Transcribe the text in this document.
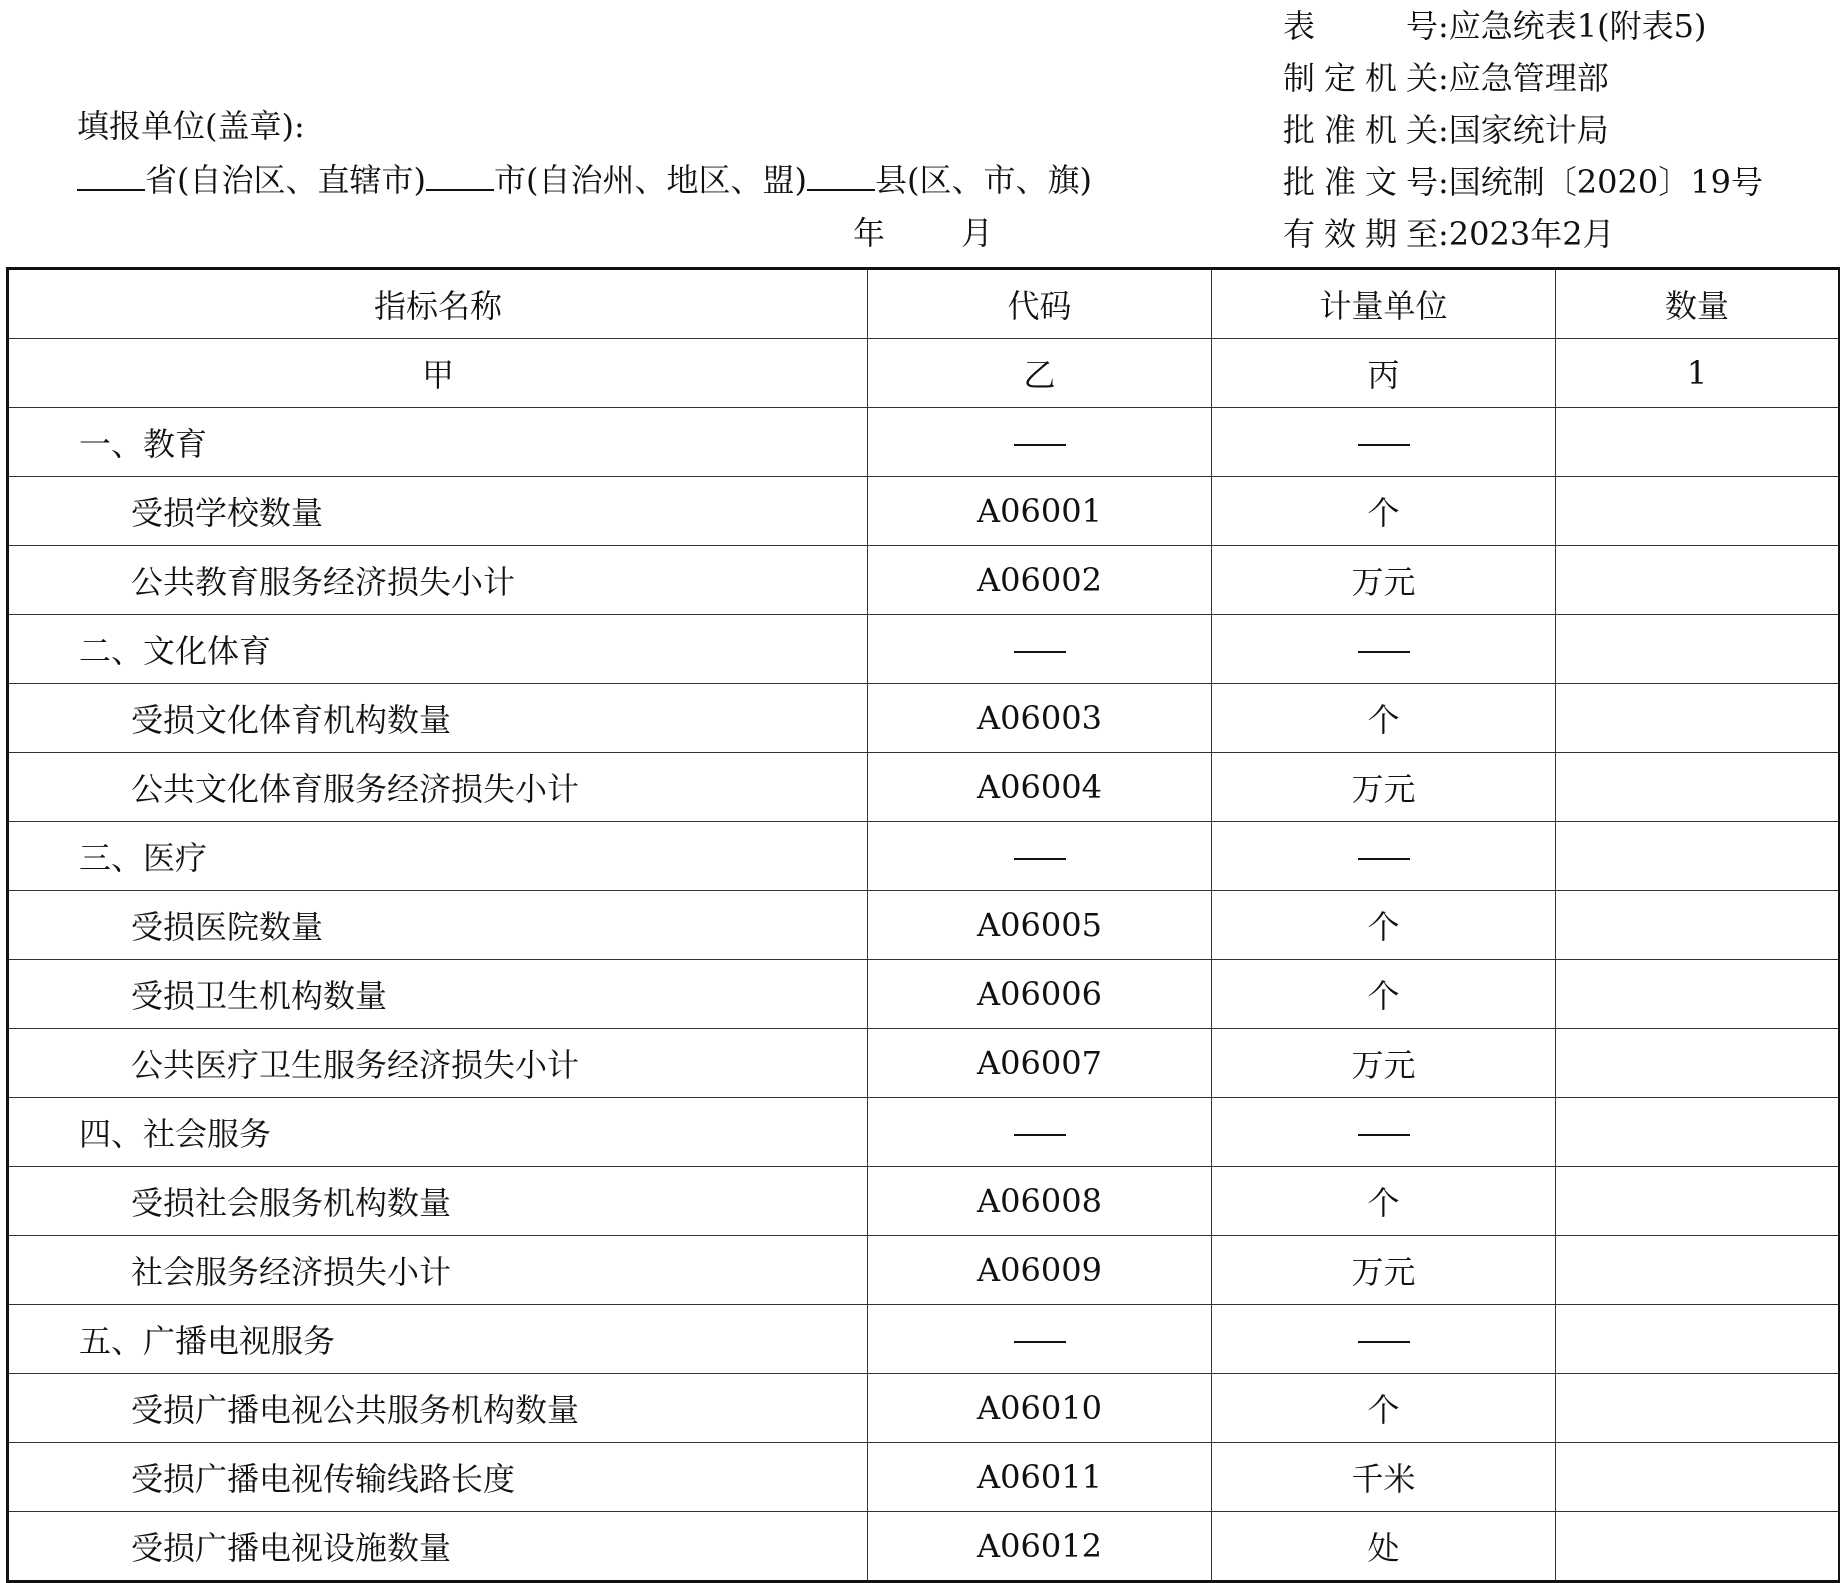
表号 : 应急统表1(附表5)
制定机关 : 应急管理部
批准机关 : 国家统计局
批准文号 : 国统制〔2020〕19号
有效期至 : 2023年2月
填报单位(盖章):
省(自治区、直辖市) 市(自治州、地区、盟) 县(区、市、旗)
年 月
指标名称	代码	计量单位	数量
甲	乙	丙	1
一、教育			
受损学校数量	A06001	个	
公共教育服务经济损失小计	A06002	万元	
二、文化体育			
受损文化体育机构数量	A06003	个	
公共文化体育服务经济损失小计	A06004	万元	
三、医疗			
受损医院数量	A06005	个	
受损卫生机构数量	A06006	个	
公共医疗卫生服务经济损失小计	A06007	万元	
四、社会服务			
受损社会服务机构数量	A06008	个	
社会服务经济损失小计	A06009	万元	
五、广播电视服务			
受损广播电视公共服务机构数量	A06010	个	
受损广播电视传输线路长度	A06011	千米	
受损广播电视设施数量	A06012	处	
